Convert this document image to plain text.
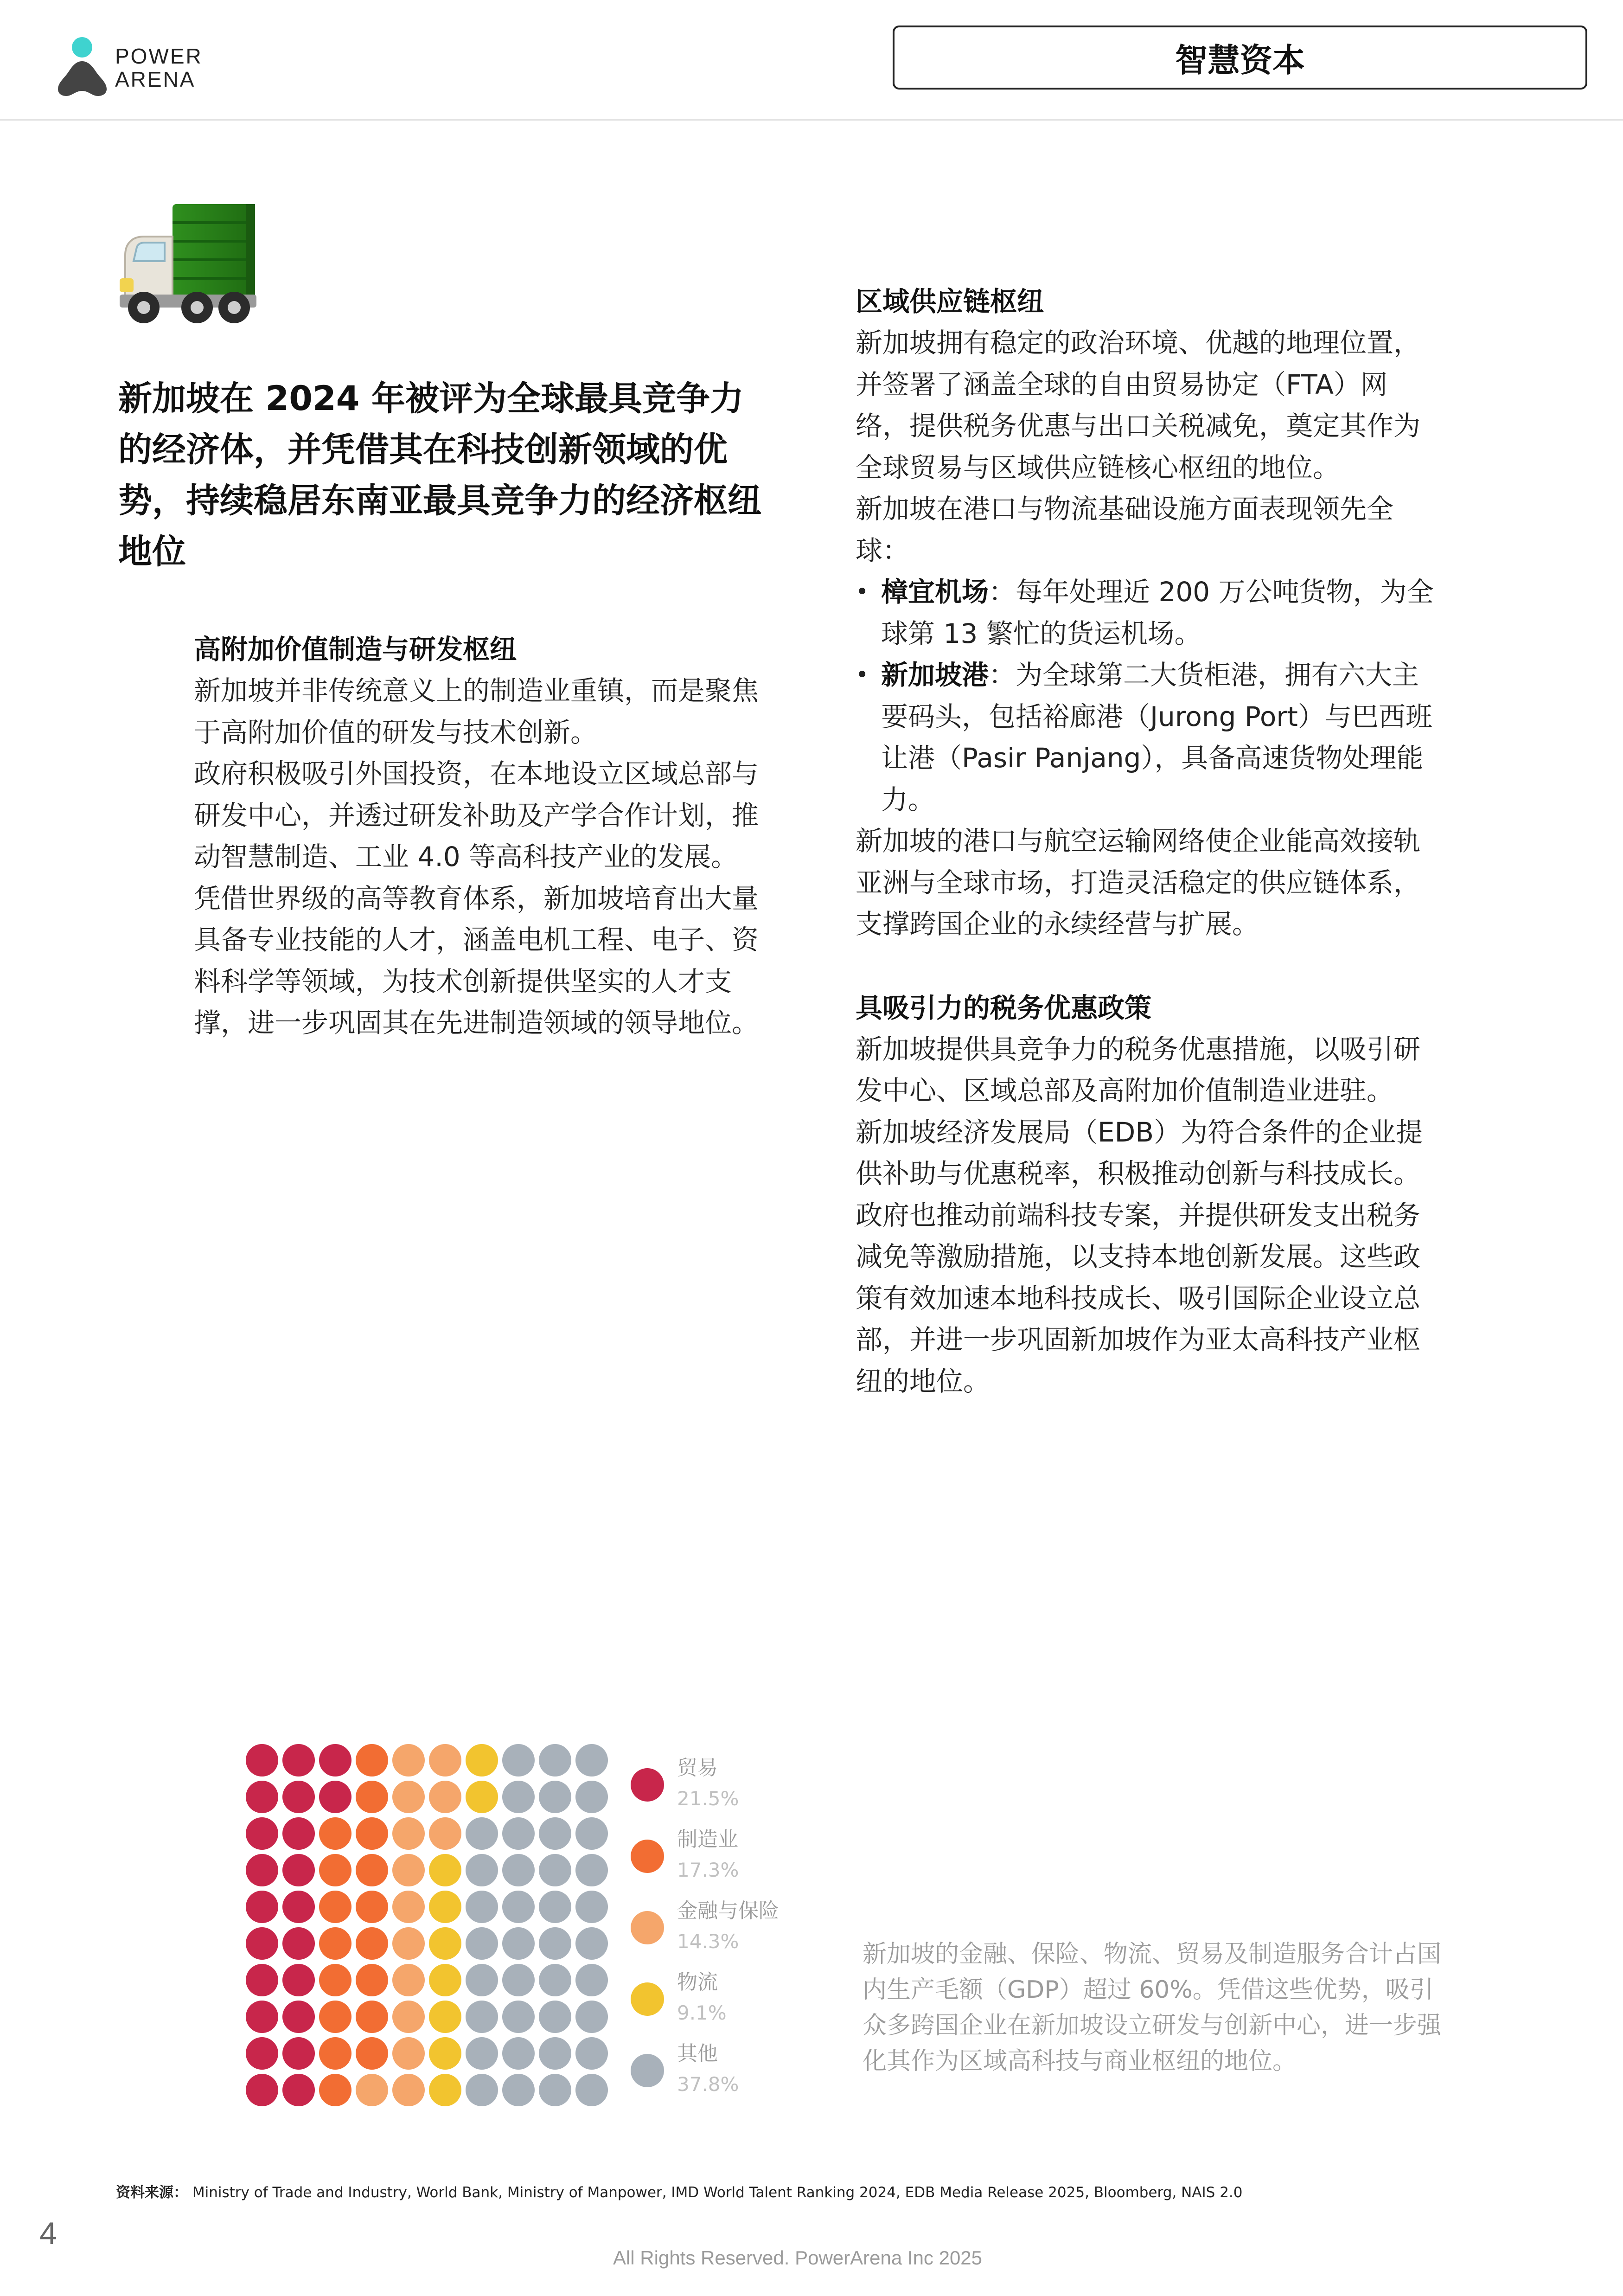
POWER
ARENA
智慧资本
新加坡在 2024 年被评为全球最具竞争力的经济体，并凭借其在科技创新领域的优势，持续稳居东南亚最具竞争力的经济枢纽地位
高附加价值制造与研发枢纽

新加坡并非传统意义上的制造业重镇，而是聚焦于高附加价值的研发与技术创新。

政府积极吸引外国投资，在本地设立区域总部与研发中心，并透过研发补助及产学合作计划，推动智慧制造、工业 4.0 等高科技产业的发展。

凭借世界级的高等教育体系，新加坡培育出大量具备专业技能的人才，涵盖电机工程、电子、资料科学等领域，为技术创新提供坚实的人才支撑，进一步巩固其在先进制造领域的领导地位。

区域供应链枢纽

新加坡拥有稳定的政治环境、优越的地理位置，并签署了涵盖全球的自由贸易协定（FTA）网络，提供税务优惠与出口关税减免，奠定其作为全球贸易与区域供应链核心枢纽的地位。

新加坡在港口与物流基础设施方面表现领先全球：

• 樟宜机场：每年处理近 200 万公吨货物，为全球第 13 繁忙的货运机场。
• 新加坡港：为全球第二大货柜港，拥有六大主要码头，包括裕廊港（Jurong Port）与巴西班让港（Pasir Panjang），具备高速货物处理能力。

新加坡的港口与航空运输网络使企业能高效接轨亚洲与全球市场，打造灵活稳定的供应链体系，支撑跨国企业的永续经营与扩展。

具吸引力的税务优惠政策

新加坡提供具竞争力的税务优惠措施，以吸引研发中心、区域总部及高附加价值制造业进驻。

新加坡经济发展局（EDB）为符合条件的企业提供补助与优惠税率，积极推动创新与科技成长。

政府也推动前端科技专案，并提供研发支出税务减免等激励措施，以支持本地创新发展。这些政策有效加速本地科技成长、吸引国际企业设立总部，并进一步巩固新加坡作为亚太高科技产业枢纽的地位。

贸易
21.5%
制造业
17.3%
金融与保险
14.3%
物流
9.1%
其他
37.8%

新加坡的金融、保险、物流、贸易及制造服务合计占国内生产毛额（GDP）超过 60%。凭借这些优势，吸引众多跨国企业在新加坡设立研发与创新中心，进一步强化其作为区域高科技与商业枢纽的地位。

资料来源： Ministry of Trade and Industry, World Bank, Ministry of Manpower, IMD World Talent Ranking 2024, EDB Media Release 2025, Bloomberg, NAIS 2.0
4
All Rights Reserved. PowerArena Inc 2025
